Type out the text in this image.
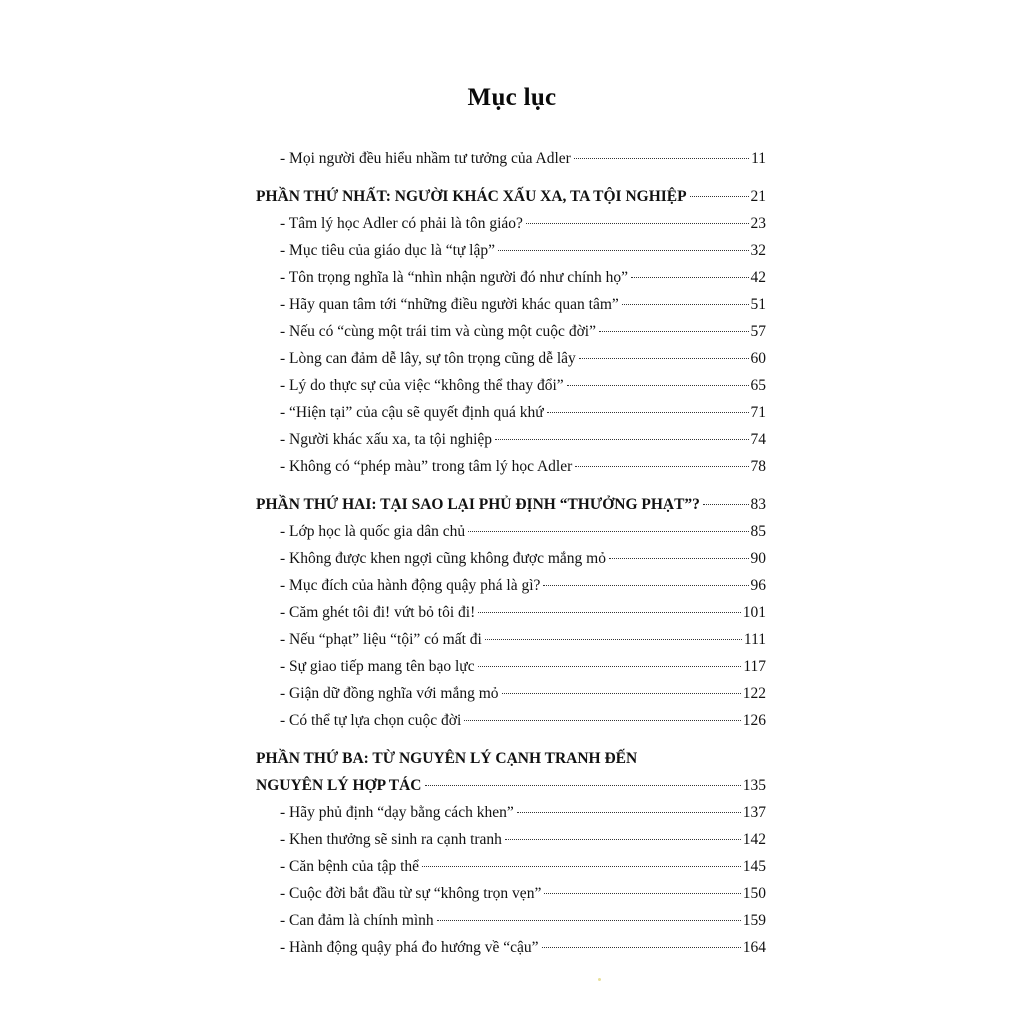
Mục lục
- Mọi người đều hiểu nhầm tư tưởng của Adler	11
PHẦN THỨ NHẤT: NGƯỜI KHÁC XẤU XA, TA TỘI NGHIỆP	21
- Tâm lý học Adler có phải là tôn giáo?	23
- Mục tiêu của giáo dục là “tự lập”	32
- Tôn trọng nghĩa là “nhìn nhận người đó như chính họ”	42
- Hãy quan tâm tới “những điều người khác quan tâm”	51
- Nếu có “cùng một trái tim và cùng một cuộc đời”	57
- Lòng can đảm dễ lây, sự tôn trọng cũng dễ lây	60
- Lý do thực sự của việc “không thể thay đổi”	65
- “Hiện tại” của cậu sẽ quyết định quá khứ	71
- Người khác xấu xa, ta tội nghiệp	74
- Không có “phép màu” trong tâm lý học Adler	78
PHẦN THỨ HAI: TẠI SAO LẠI PHỦ ĐỊNH “THƯỞNG PHẠT”?	83
- Lớp học là quốc gia dân chủ	85
- Không được khen ngợi cũng không được mắng mỏ	90
- Mục đích của hành động quậy phá là gì?	96
- Căm ghét tôi đi! vứt bỏ tôi đi!	101
- Nếu “phạt” liệu “tội” có mất đi	111
- Sự giao tiếp mang tên bạo lực	117
- Giận dữ đồng nghĩa với mắng mỏ	122
- Có thể tự lựa chọn cuộc đời	126
PHẦN THỨ BA: TỪ NGUYÊN LÝ CẠNH TRANH ĐẾN
NGUYÊN LÝ HỢP TÁC	135
- Hãy phủ định “dạy bằng cách khen”	137
- Khen thưởng sẽ sinh ra cạnh tranh	142
- Căn bệnh của tập thể	145
- Cuộc đời bắt đầu từ sự “không trọn vẹn”	150
- Can đảm là chính mình	159
- Hành động quậy phá đo hướng về “cậu”	164
